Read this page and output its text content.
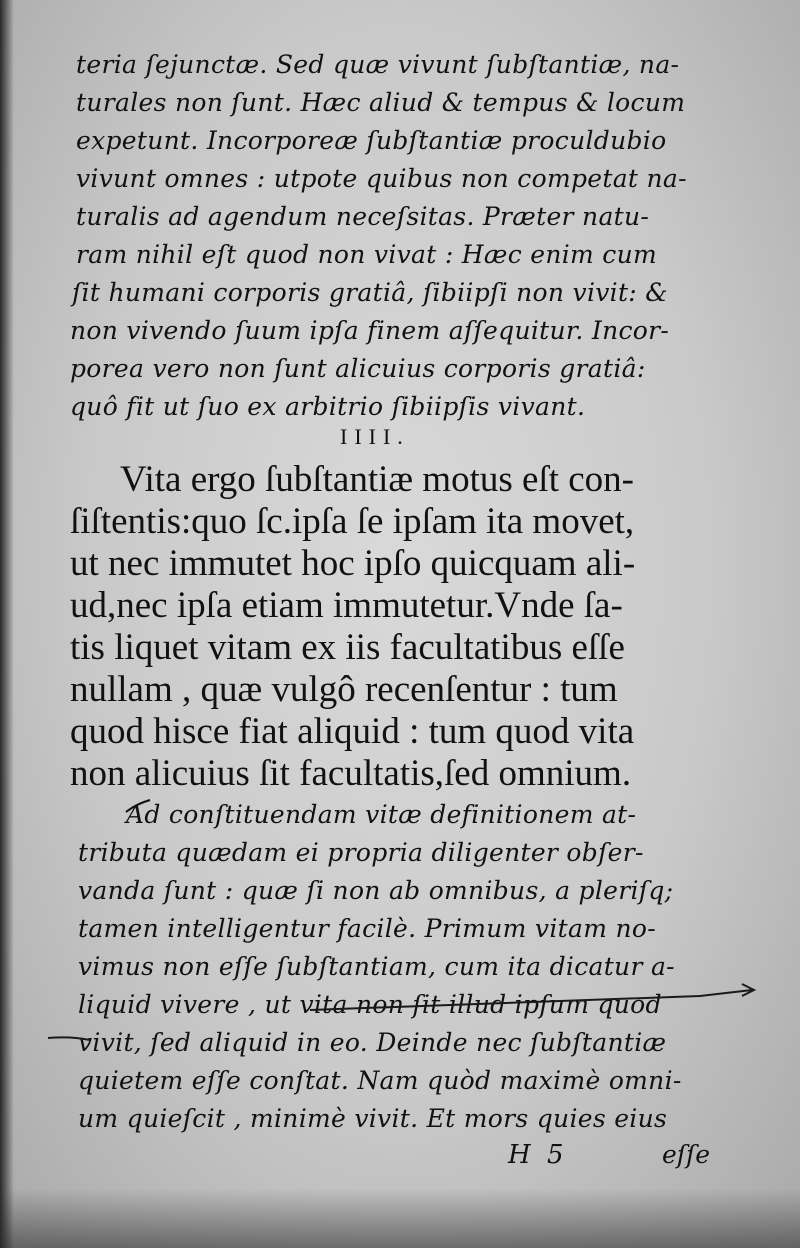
teria ſejunctæ. Sed quæ vivunt ſubſtantiæ, na-
turales non ſunt. Hæc aliud & tempus & locum
expetunt. Incorporeæ ſubſtantiæ proculdubio
vivunt omnes : utpote quibus non competat na-
turalis ad agendum neceſsitas. Præter natu-
ram nihil eſt quod non vivat : Hæc enim cum
ſit humani corporis gratiâ, ſibiipſi non vivit: &
non vivendo ſuum ipſa finem aſſequitur. Incor-
porea vero non ſunt alicuius corporis gratiâ:
quô fit ut ſuo ex arbitrio ſibiipſis vivant.
IIII.
Vita ergo ſubſtantiæ motus eſt con-
ſiſtentis:quo ſc.ipſa ſe ipſam ita movet,
ut nec immutet hoc ipſo quicquam ali-
ud,nec ipſa etiam immutetur.Vnde ſa-
tis liquet vitam ex iis facultatibus eſſe
nullam , quæ vulgô recenſentur : tum
quod hisce fiat aliquid : tum quod vita
non alicuius ſit facultatis,ſed omnium.
Ad conſtituendam vitæ definitionem at-
tributa quædam ei propria diligenter obſer-
vanda ſunt : quæ ſi non ab omnibus, a pleriſq;
tamen intelligentur facilè. Primum vitam no-
vimus non eſſe ſubſtantiam, cum ita dicatur a-
liquid vivere , ut vita non ſit illud ipſum quod
vivit, ſed aliquid in eo. Deinde nec ſubſtantiæ
quietem eſſe conſtat. Nam quòd maximè omni-
um quieſcit , minimè vivit. Et mors quies eius
H 5	eſſe
